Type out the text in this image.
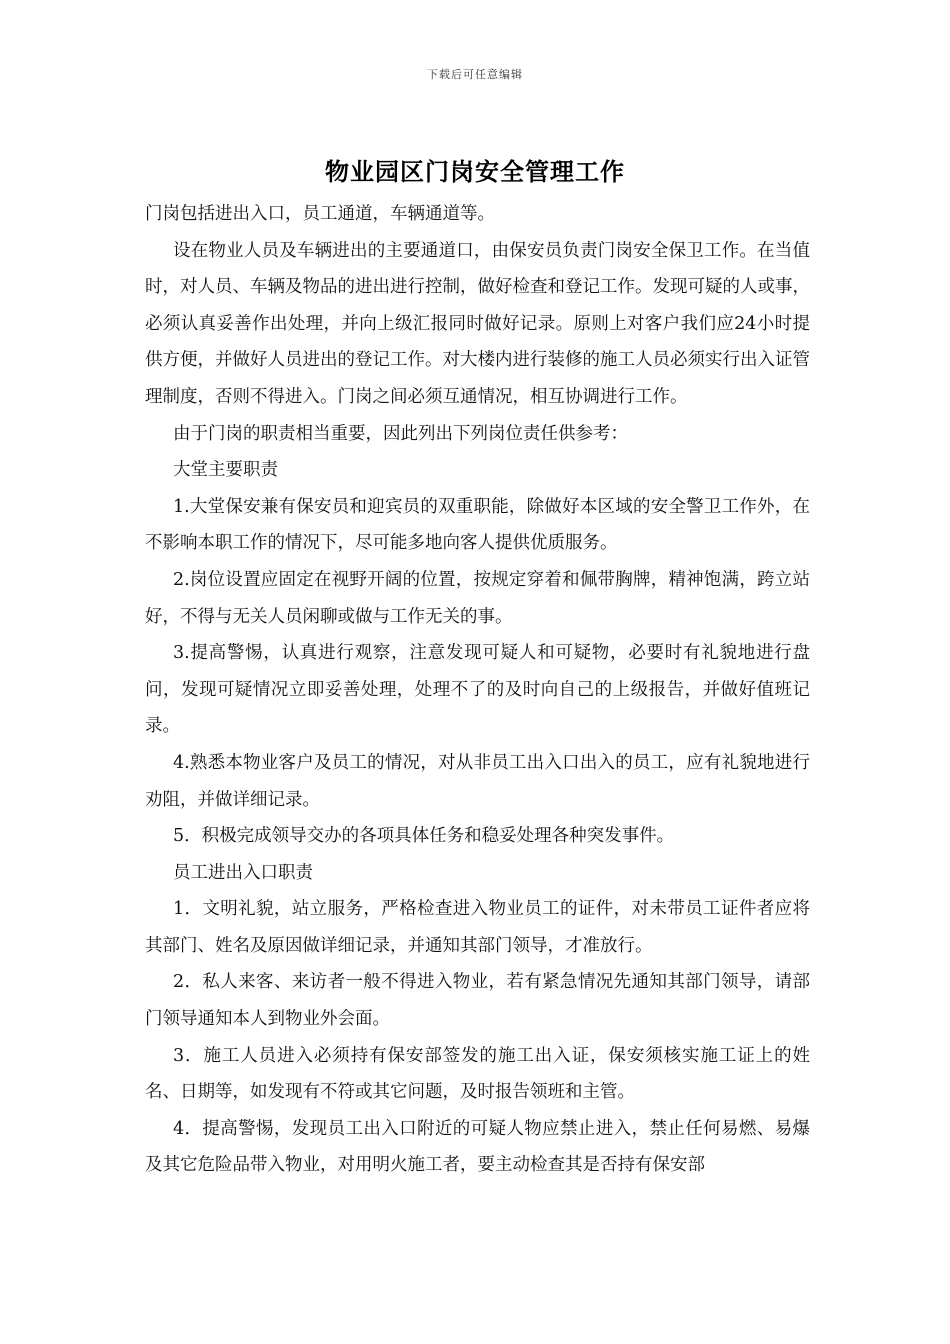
下载后可任意编辑
物业园区门岗安全管理工作

门岗包括进出入口，员工通道，车辆通道等。

设在物业人员及车辆进出的主要通道口，由保安员负责门岗安全保卫工作。在当值时，对人员、车辆及物品的进出进行控制，做好检查和登记工作。发现可疑的人或事，必须认真妥善作出处理，并向上级汇报同时做好记录。原则上对客户我们应24小时提供方便，并做好人员进出的登记工作。对大楼内进行装修的施工人员必须实行出入证管理制度，否则不得进入。门岗之间必须互通情况，相互协调进行工作。

由于门岗的职责相当重要，因此列出下列岗位责任供参考：

大堂主要职责

1.大堂保安兼有保安员和迎宾员的双重职能，除做好本区域的安全警卫工作外，在不影响本职工作的情况下，尽可能多地向客人提供优质服务。

2.岗位设置应固定在视野开阔的位置，按规定穿着和佩带胸牌，精神饱满，跨立站好，不得与无关人员闲聊或做与工作无关的事。

3.提高警惕，认真进行观察，注意发现可疑人和可疑物，必要时有礼貌地进行盘问，发现可疑情况立即妥善处理，处理不了的及时向自己的上级报告，并做好值班记录。

4.熟悉本物业客户及员工的情况，对从非员工出入口出入的员工，应有礼貌地进行劝阻，并做详细记录。

5．积极完成领导交办的各项具体任务和稳妥处理各种突发事件。

员工进出入口职责

1．文明礼貌，站立服务，严格检查进入物业员工的证件，对未带员工证件者应将其部门、姓名及原因做详细记录，并通知其部门领导，才准放行。

2．私人来客、来访者一般不得进入物业，若有紧急情况先通知其部门领导，请部门领导通知本人到物业外会面。

3．施工人员进入必须持有保安部签发的施工出入证，保安须核实施工证上的姓名、日期等，如发现有不符或其它问题，及时报告领班和主管。

4．提高警惕，发现员工出入口附近的可疑人物应禁止进入，禁止任何易燃、易爆及其它危险品带入物业，对用明火施工者，要主动检查其是否持有保安部
